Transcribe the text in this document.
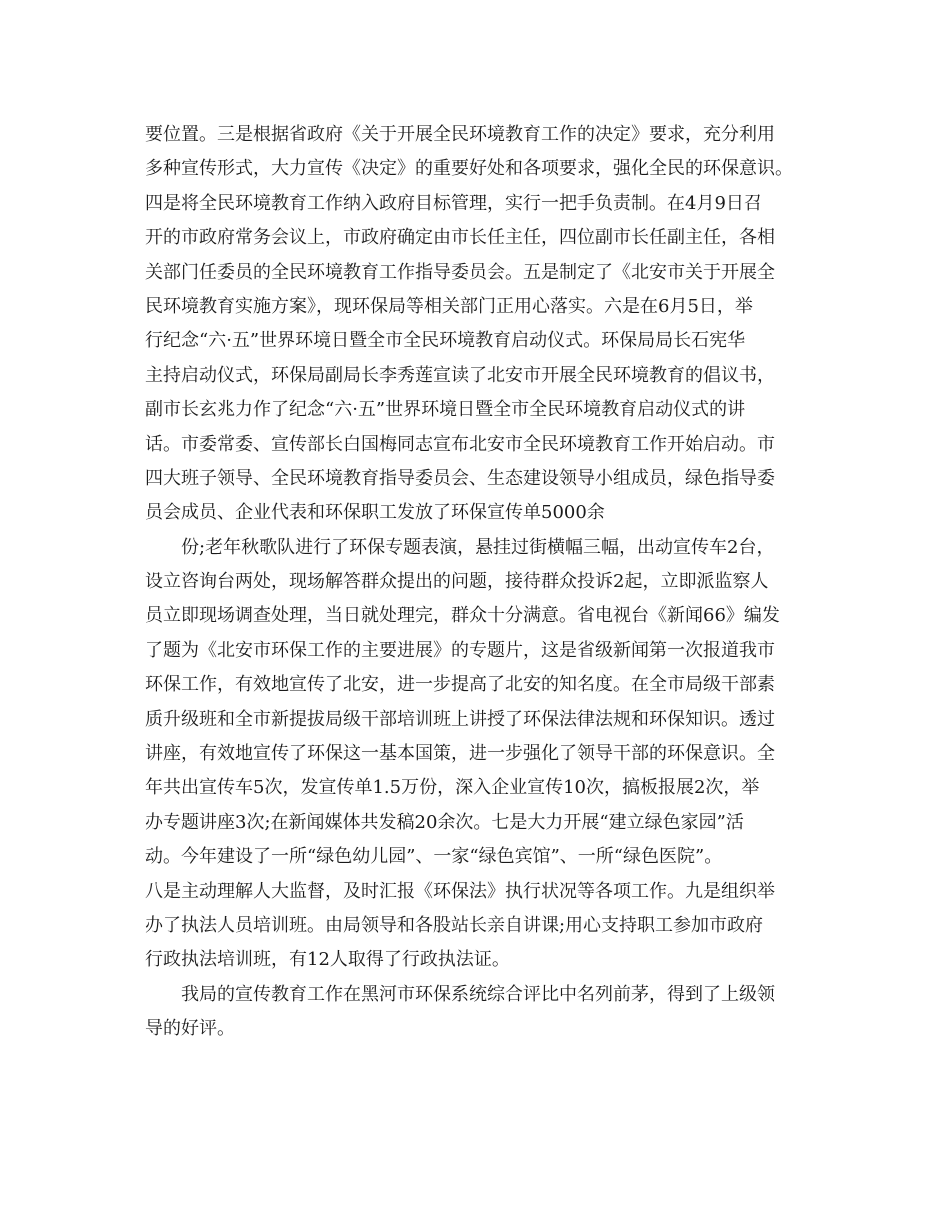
要位置。三是根据省政府《关于开展全民环境教育工作的决定》要求，充分利用
多种宣传形式，大力宣传《决定》的重要好处和各项要求，强化全民的环保意识。
四是将全民环境教育工作纳入政府目标管理，实行一把手负责制。在4月9日召
开的市政府常务会议上，市政府确定由市长任主任，四位副市长任副主任，各相
关部门任委员的全民环境教育工作指导委员会。五是制定了《北安市关于开展全
民环境教育实施方案》，现环保局等相关部门正用心落实。六是在6月5日，举
行纪念“六·五”世界环境日暨全市全民环境教育启动仪式。环保局局长石宪华
主持启动仪式，环保局副局长李秀莲宣读了北安市开展全民环境教育的倡议书，
副市长玄兆力作了纪念“六·五”世界环境日暨全市全民环境教育启动仪式的讲
话。市委常委、宣传部长白国梅同志宣布北安市全民环境教育工作开始启动。市
四大班子领导、全民环境教育指导委员会、生态建设领导小组成员，绿色指导委
员会成员、企业代表和环保职工发放了环保宣传单5000余
　　份;老年秋歌队进行了环保专题表演，悬挂过街横幅三幅，出动宣传车2台，
设立咨询台两处，现场解答群众提出的问题，接待群众投诉2起，立即派监察人
员立即现场调查处理，当日就处理完，群众十分满意。省电视台《新闻66》编发
了题为《北安市环保工作的主要进展》的专题片，这是省级新闻第一次报道我市
环保工作，有效地宣传了北安，进一步提高了北安的知名度。在全市局级干部素
质升级班和全市新提拔局级干部培训班上讲授了环保法律法规和环保知识。透过
讲座，有效地宣传了环保这一基本国策，进一步强化了领导干部的环保意识。全
年共出宣传车5次，发宣传单1.5万份，深入企业宣传10次，搞板报展2次，举
办专题讲座3次;在新闻媒体共发稿20余次。七是大力开展“建立绿色家园”活
动。今年建设了一所“绿色幼儿园”、一家“绿色宾馆”、一所“绿色医院”。
八是主动理解人大监督，及时汇报《环保法》执行状况等各项工作。九是组织举
办了执法人员培训班。由局领导和各股站长亲自讲课;用心支持职工参加市政府
行政执法培训班，有12人取得了行政执法证。
　　我局的宣传教育工作在黑河市环保系统综合评比中名列前茅，得到了上级领
导的好评。
